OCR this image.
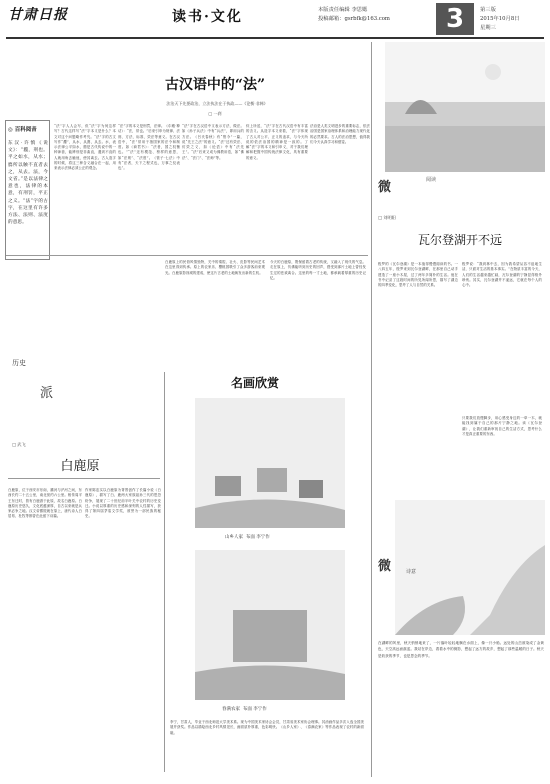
甘肃日报	读书·文化	本版责任编辑 李思嫕
投稿邮箱：gsrbfk@163.com	3	第三版
2015年10月8日
星期三
古汉语中的“法”
法治天下先要政治，立法执法在于执政——《论衡·非韩》
□ 一刹
◎ 百科阅音
东汉·许慎《说文》：“灋，刑也。平之如水，从水；廌所以触不直者去之，从去。法，今文省。”是以法律之意也，法律的本意，有刑罚，平正之义。“法”字的古字，在这里有许多方法、法则、法度的意思。
“法”字人人会写，但“法”字为何这样写？古代这样写“法”字本义是什么？本文对这个问题略作考究。“法”字的古文写作“灋”，从水，从廌，从去。水，表示法律公平如水，廌是古代传说中的一种神兽，能辨别是非曲直，遇到不直的人就用角去触他，使其离去。古人造字的时候，将这三种含义融合在一起，用来表示法律必须公正的观念。
“法”字的本义是刑罚，法律。《尔雅·释诂》：“法，常也。”后来引申为规律、法则、方法、标准、效法等意义。在古汉语中，“法”常用于指国家的法令和制度。如《商君书》：“法者，国之权衡也。”“法”还有模范、榜样的意思，如“法则”、“法度”。《管子·七法》中有“法者，天下之程式也，万事之仪表也”。
“法”字在古汉语中又表示方法、做法。如《孙子兵法》中有“兵法”，即用兵的方法。《吕氏春秋》有“察今”一篇，说“先王之法”的意义。“法”还有效法、仿效之义，如《论语》中有“法先王”。“法”后来又成为佛教用语，如“佛法”、“法门”、“法师”等。
综上所述，“法”字在古代汉语中有丰富的含义。从造字本义来看，“法”字体现了古人对公平、正义的追求，与今天所说的依法治国的精神是一致的。了解“法”字的本义和引申义，对于我们理解和把握中国传统法律文化，具有重要的意义。
法治是人类文明进步的重要标志，依法治国是国家治理体系和治理能力现代化的必然要求。古人的法治思想，值得我们今天认真学习和借鉴。
微	阅读
□ 刘明阳
瓦尔登湖开不远
梭罗的《瓦尔登湖》是一本值得慢慢阅读的书。一八四五年，梭罗来到瓦尔登湖畔，在那里自己动手建造了一座小木屋，过了两年多简朴的生活。他在书中记录了这段时间的所见所闻所思，描写了湖边的四季变化，思考了人与自然的关系。
梭罗说：“我到林中去，因为我希望从容不迫地生活，只面对生活的基本事实。”在物质丰富的今天，人们的生活越来越忙碌，瓦尔登湖的宁静显得格外珍贵。其实，瓦尔登湖并不遥远，它就在每个人的心中。
只要我们放慢脚步，用心感受身边的一草一木，就能找到属于自己的那片宁静之地。读《瓦尔登湖》，让我们重新审视自己的生活方式，思考什么才是真正重要的东西。
微	诗意
在湖畔的风里，秋天悄悄地来了，一片落叶轻轻地飘在水面上，像一只小船。远处的山峦被染成了金黄色，天空高远而湛蓝。我站在岸边，看着水中的倒影，想起了远方的故乡，想起了那些温暖的日子。秋天是收获的季节，也是思念的季节。
历史
派
□ 武飞
白鹿原
白鹿原，位于西安市东南，灞河与浐河之间，东西长约二十五公里，南北宽约六公里。相传周平王东迁时，曾有白鹿游于此原，故名白鹿原。白鹿原历史悠久，文化底蕴深厚，自古以来就是兵家必争之地。汉文帝霸陵就在原上，唐代诗人白居易、杜牧等都曾在此留下诗篇。
作家陈忠实以白鹿原为背景创作了长篇小说《白鹿原》，描写了白、鹿两大家族祖孙三代的恩怨纷争，展现了二十世纪前半叶关中农村的历史变迁。小说以厚重的历史感和深刻的人性描写，获得了第四届茅盾文学奖，被誉为一部民族的秘史。
白鹿原上的民俗风情独特，关中的秦腔、社火、皮影等民间艺术在这里得到传承。原上的农家乐、樱桃园吸引了众多游客前来观光。白鹿原影视城的建成，使这片古老的土地焕发出新的生机。
今天的白鹿原，既保留着古老的传统，又融入了现代的气息。走在原上，仿佛能听到历史的回声，感受到那片土地上曾经发生过的悲欢离合。这里的每一寸土地，都承载着厚重的历史记忆。
名画欣赏
山乡人家 布面 李宁作
春满农家 布面 李宁作
李宁，甘肃人，毕业于西北师范大学美术系。现为中国美术家协会会员，甘肃省美术家协会理事。其油画作品多次入选全国美展并获奖。作品以描绘西北乡村风情见长，画面质朴厚重，色彩明快。《山乡人家》、《春满农家》等作品表现了农村的新面貌。
